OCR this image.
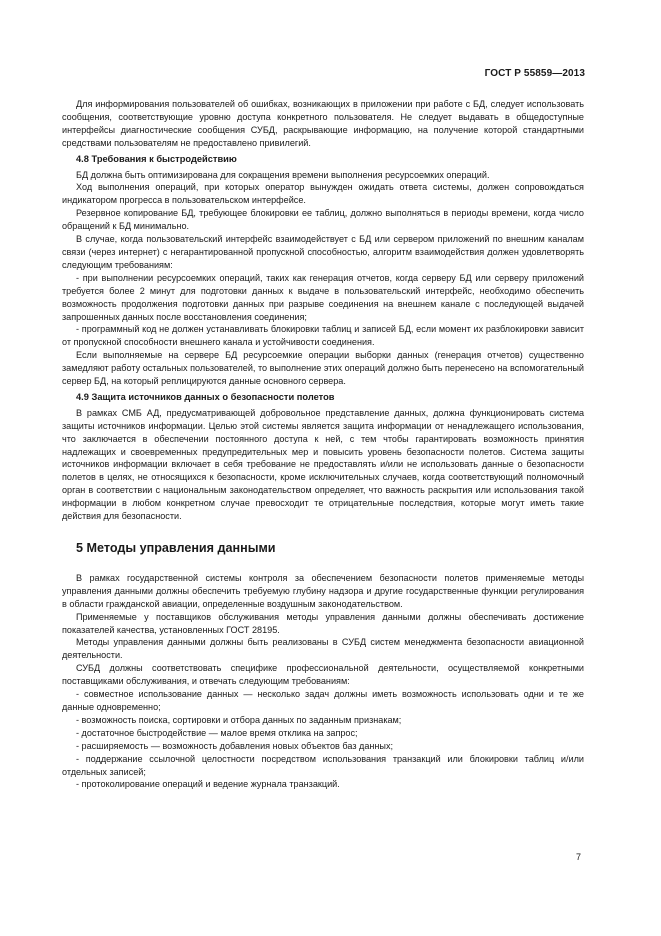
ГОСТ Р 55859—2013

Для информирования пользователей об ошибках, возникающих в приложении при работе с БД, следует использовать сообщения, соответствующие уровню доступа конкретного пользователя. Не следует выдавать в общедоступные интерфейсы диагностические сообщения СУБД, раскрывающие информацию, на получение которой стандартными средствами пользователям не предоставлено привилегий.

4.8 Требования к быстродействию

БД должна быть оптимизирована для сокращения времени выполнения ресурсоемких операций.

Ход выполнения операций, при которых оператор вынужден ожидать ответа системы, должен сопровождаться индикатором прогресса в пользовательском интерфейсе.

Резервное копирование БД, требующее блокировки ее таблиц, должно выполняться в периоды времени, когда число обращений к БД минимально.

В случае, когда пользовательский интерфейс взаимодействует с БД или сервером приложений по внешним каналам связи (через интернет) с негарантированной пропускной способностью, алгоритм взаимодействия должен удовлетворять следующим требованиям:

- при выполнении ресурсоемких операций, таких как генерация отчетов, когда серверу БД или серверу приложений требуется более 2 минут для подготовки данных к выдаче в пользовательский интерфейс, необходимо обеспечить возможность продолжения подготовки данных при разрыве соединения на внешнем канале с последующей выдачей запрошенных данных после восстановления соединения;

- программный код не должен устанавливать блокировки таблиц и записей БД, если момент их разблокировки зависит от пропускной способности внешнего канала и устойчивости соединения.

Если выполняемые на сервере БД ресурсоемкие операции выборки данных (генерация отчетов) существенно замедляют работу остальных пользователей, то выполнение этих операций должно быть перенесено на вспомогательный сервер БД, на который реплицируются данные основного сервера.

4.9 Защита источников данных о безопасности полетов

В рамках СМБ АД, предусматривающей добровольное представление данных, должна функционировать система защиты источников информации. Целью этой системы является защита информации от ненадлежащего использования, что заключается в обеспечении постоянного доступа к ней, с тем чтобы гарантировать возможность принятия надлежащих и своевременных предупредительных мер и повысить уровень безопасности полетов. Система защиты источников информации включает в себя требование не предоставлять и/или не использовать данные о безопасности полетов в целях, не относящихся к безопасности, кроме исключительных случаев, когда соответствующий полномочный орган в соответствии с национальным законодательством определяет, что важность раскрытия или использования такой информации в любом конкретном случае превосходит те отрицательные последствия, которые могут иметь такие действия для безопасности.

5 Методы управления данными

В рамках государственной системы контроля за обеспечением безопасности полетов применяемые методы управления данными должны обеспечить требуемую глубину надзора и другие государственные функции регулирования в области гражданской авиации, определенные воздушным законодательством.

Применяемые у поставщиков обслуживания методы управления данными должны обеспечивать достижение показателей качества, установленных ГОСТ 28195.

Методы управления данными должны быть реализованы в СУБД систем менеджмента безопасности авиационной деятельности.

СУБД должны соответствовать специфике профессиональной деятельности, осуществляемой конкретными поставщиками обслуживания, и отвечать следующим требованиям:

- совместное использование данных — несколько задач должны иметь возможность использовать одни и те же данные одновременно;

- возможность поиска, сортировки и отбора данных по заданным признакам;

- достаточное быстродействие — малое время отклика на запрос;

- расширяемость — возможность добавления новых объектов баз данных;

- поддержание ссылочной целостности посредством использования транзакций или блокировки таблиц и/или отдельных записей;

- протоколирование операций и ведение журнала транзакций.

7
